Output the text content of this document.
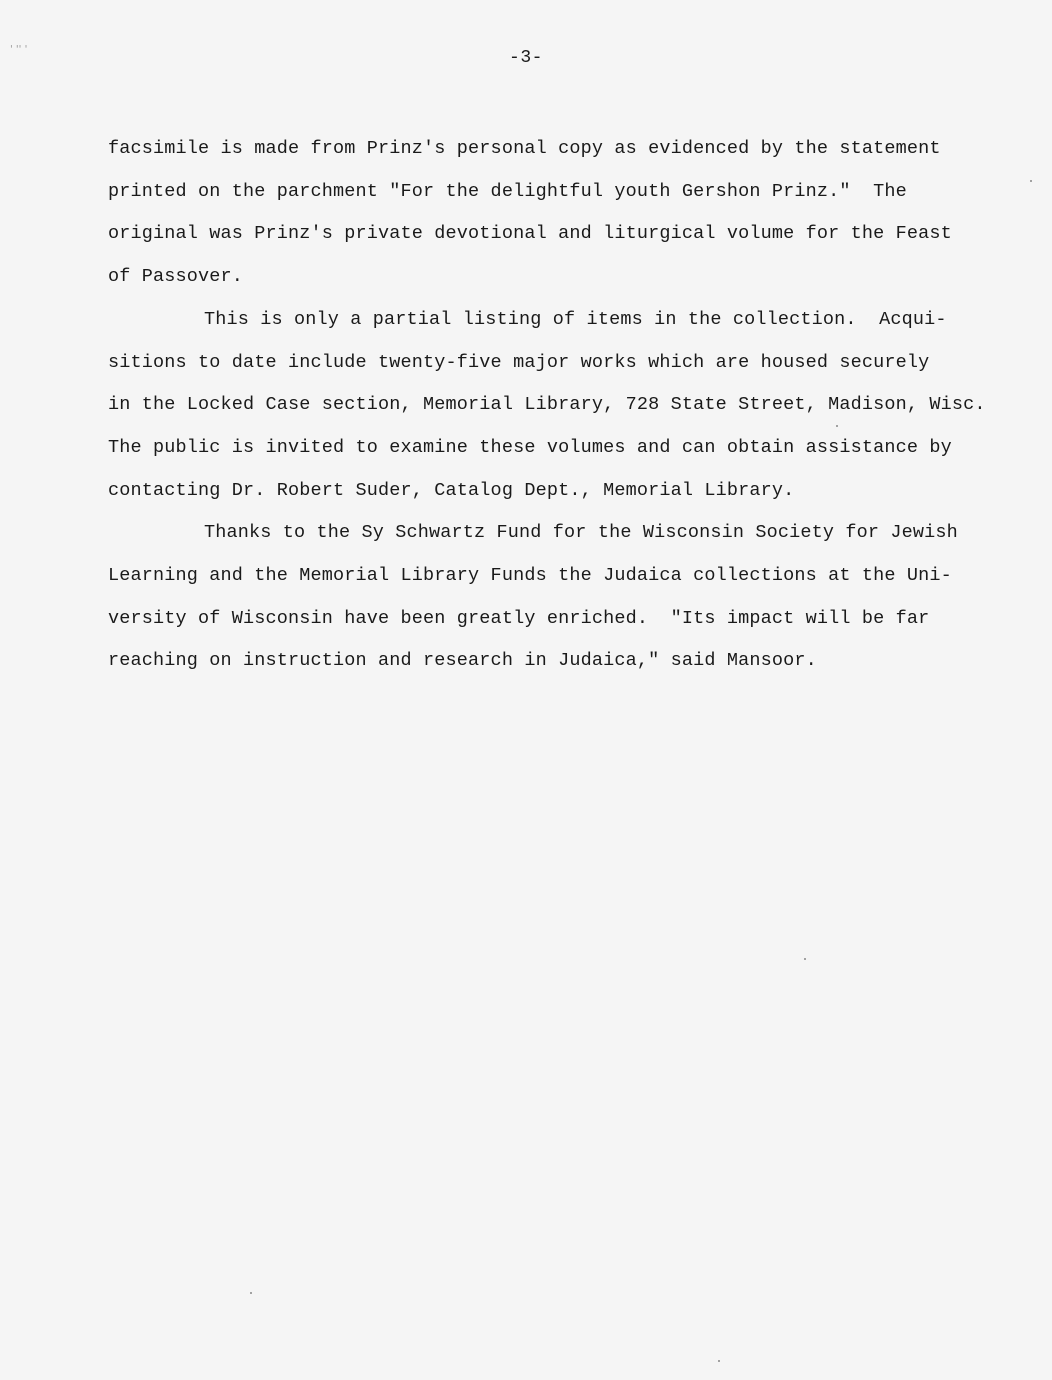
-3-
facsimile is made from Prinz's personal copy as evidenced by the statement
printed on the parchment "For the delightful youth Gershon Prinz."  The
original was Prinz's private devotional and liturgical volume for the Feast
of Passover.
This is only a partial listing of items in the collection.  Acqui-
sitions to date include twenty-five major works which are housed securely
in the Locked Case section, Memorial Library, 728 State Street, Madison, Wisc.
The public is invited to examine these volumes and can obtain assistance by
contacting Dr. Robert Suder, Catalog Dept., Memorial Library.
Thanks to the Sy Schwartz Fund for the Wisconsin Society for Jewish
Learning and the Memorial Library Funds the Judaica collections at the Uni-
versity of Wisconsin have been greatly enriched.  "Its impact will be far
reaching on instruction and research in Judaica," said Mansoor.
' '' '
